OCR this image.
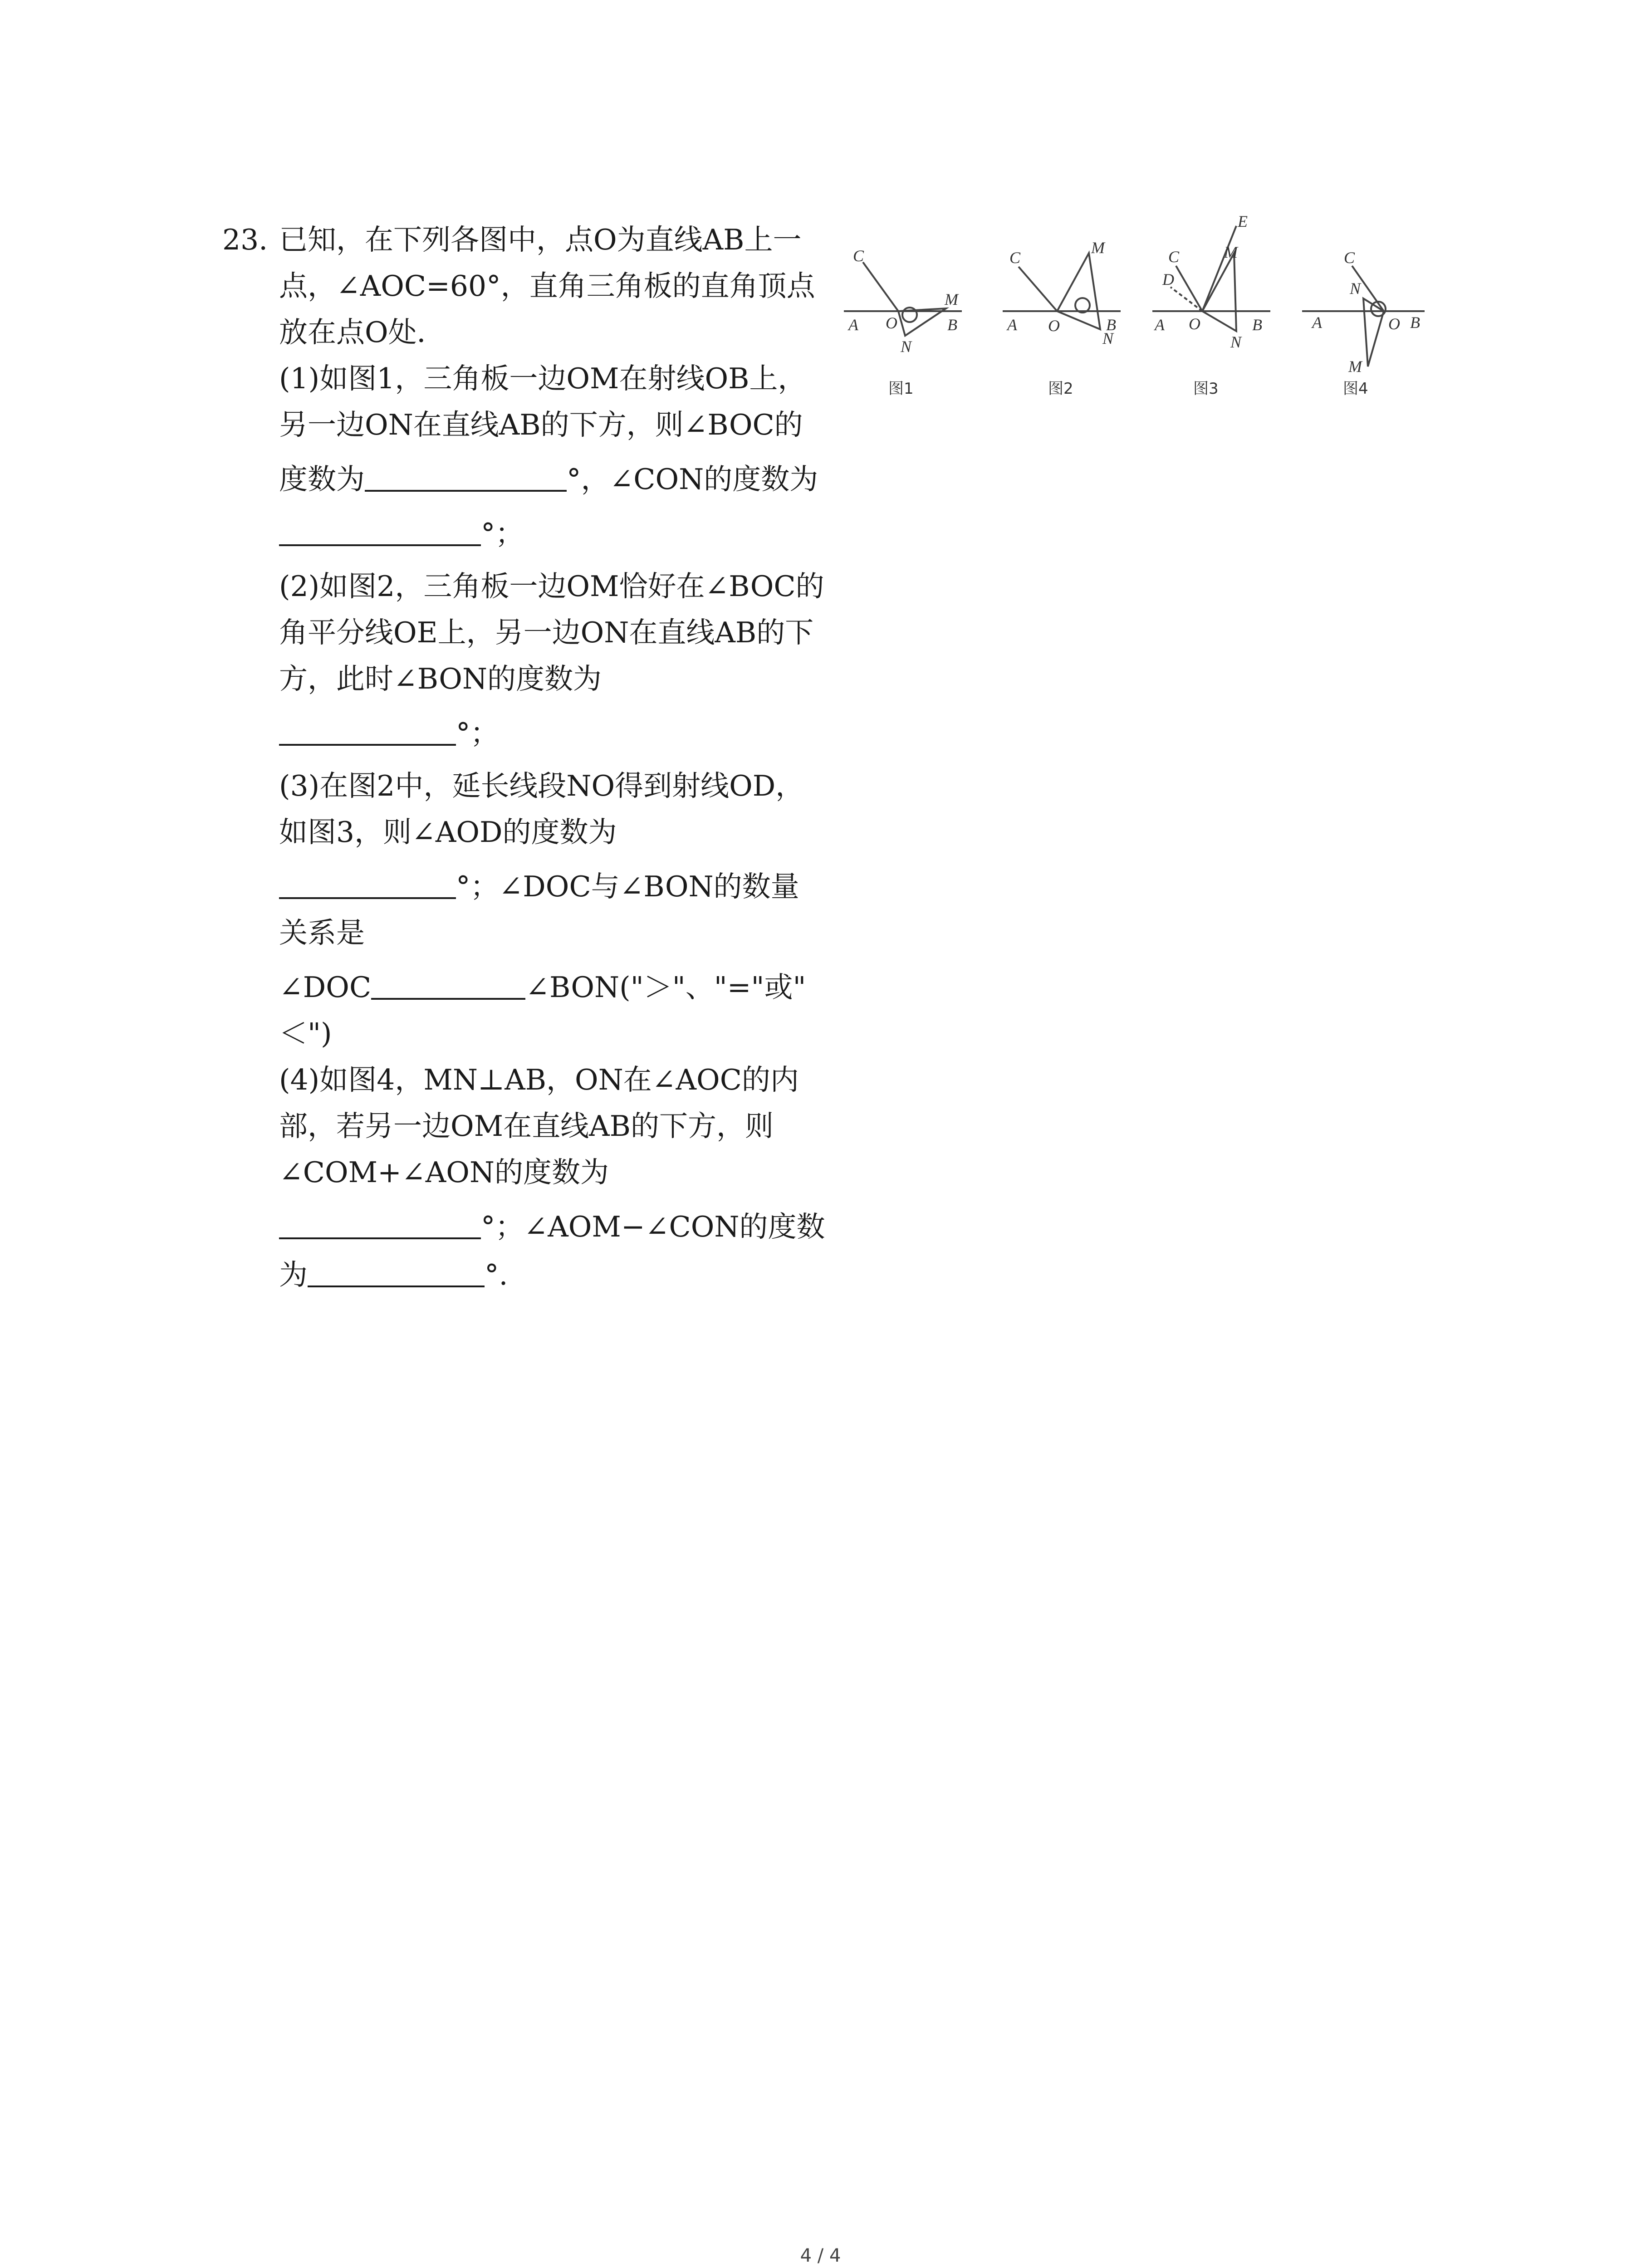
23. 已知，在下列各图中，点O为直线AB上一
点，∠AOC=60°，直角三角板的直角顶点
放在点O处．
(1)如图1，三角板一边OM在射线OB上，
另一边ON在直线AB的下方，则∠BOC的
度数为	°，∠CON的度数为
°；
(2)如图2，三角板一边OM恰好在∠BOC的
角平分线OE上，另一边ON在直线AB的下
方，此时∠BON的度数为
°；
(3)在图2中，延长线段NO得到射线OD，
如图3，则∠AOD的度数为
°；∠DOC与∠BON的数量
关系是
∠DOC	∠BON("＞"、"="或"
＜")
(4)如图4，MN⊥AB，ON在∠AOC的内
部，若另一边OM在直线AB的下方，则
∠COM+∠AON的度数为
°；∠AOM−∠CON的度数
为	°.
A O	B
C
M
N
A O	B
C
M
N
A O	B
C
D
E
M
N
A	O B
C
N
M
图1	图2	图3	图4
4 / 4
